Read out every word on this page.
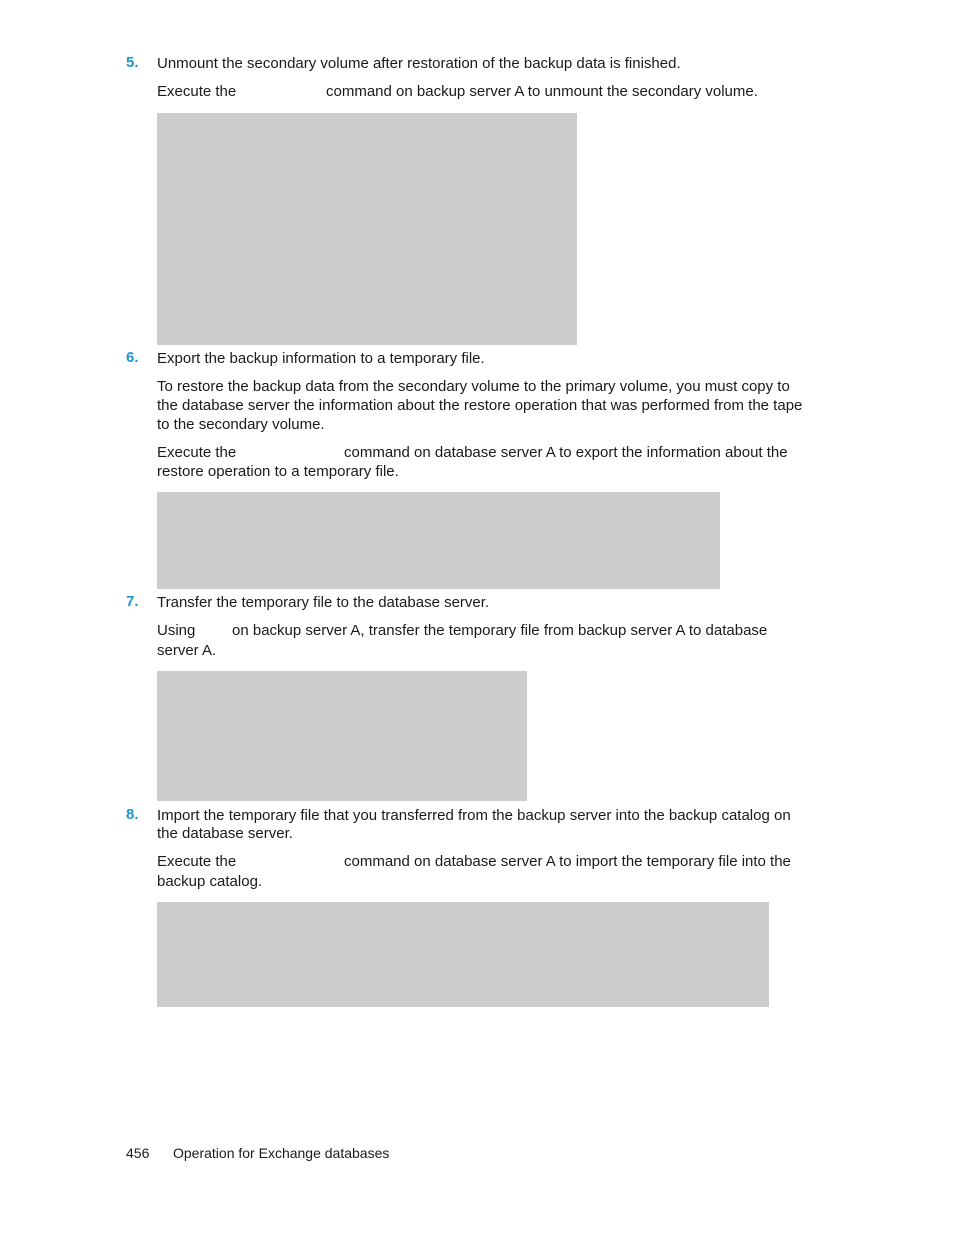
5. Unmount the secondary volume after restoration of the backup data is finished.
Execute the	command on backup server A to unmount the secondary volume.
6. Export the backup information to a temporary file.
To restore the backup data from the secondary volume to the primary volume, you must copy to
the database server the information about the restore operation that was performed from the tape
to the secondary volume.
Execute the	command on database server A to export the information about the
restore operation to a temporary file.
7. Transfer the temporary file to the database server.
Using on backup server A, transfer the temporary file from backup server A to database
server A.
8. Import the temporary file that you transferred from the backup server into the backup catalog on
the database server.
Execute the	command on database server A to import the temporary file into the
backup catalog.
456 Operation for Exchange databases
